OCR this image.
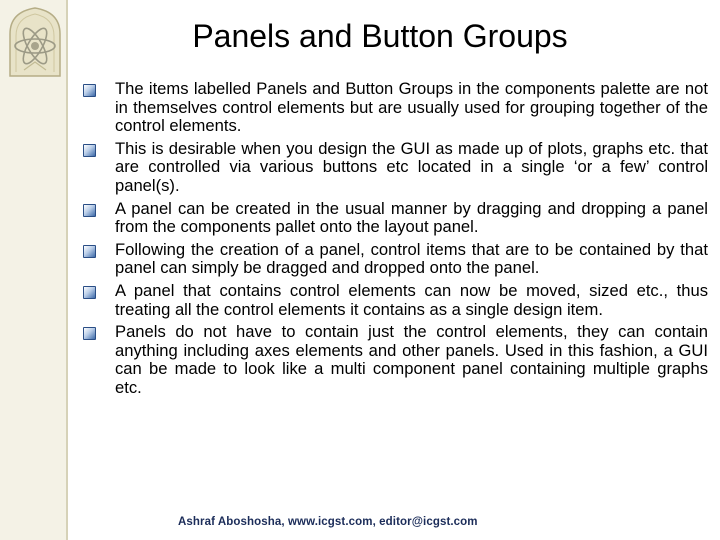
Panels and Button Groups
The items labelled Panels and Button Groups in the components palette are not in themselves control elements but are usually used for grouping together of the control elements.
This is desirable when you design the GUI as made up of plots, graphs etc. that are controlled via various buttons etc located in a single ‘or a few’ control panel(s).
A panel can be created in the usual manner by dragging and dropping a panel from the components pallet onto the layout panel.
Following the creation of a panel, control items that are to be contained by that panel can simply be dragged and dropped onto the panel.
A panel that contains control elements can now be moved, sized etc., thus treating all the control elements it contains as a single design item.
Panels do not have to contain just the control elements, they can contain anything including axes elements and other panels. Used in this fashion, a GUI can be made to look like a multi component panel containing multiple graphs etc.

Ashraf Aboshosha, www.icgst.com, editor@icgst.com
